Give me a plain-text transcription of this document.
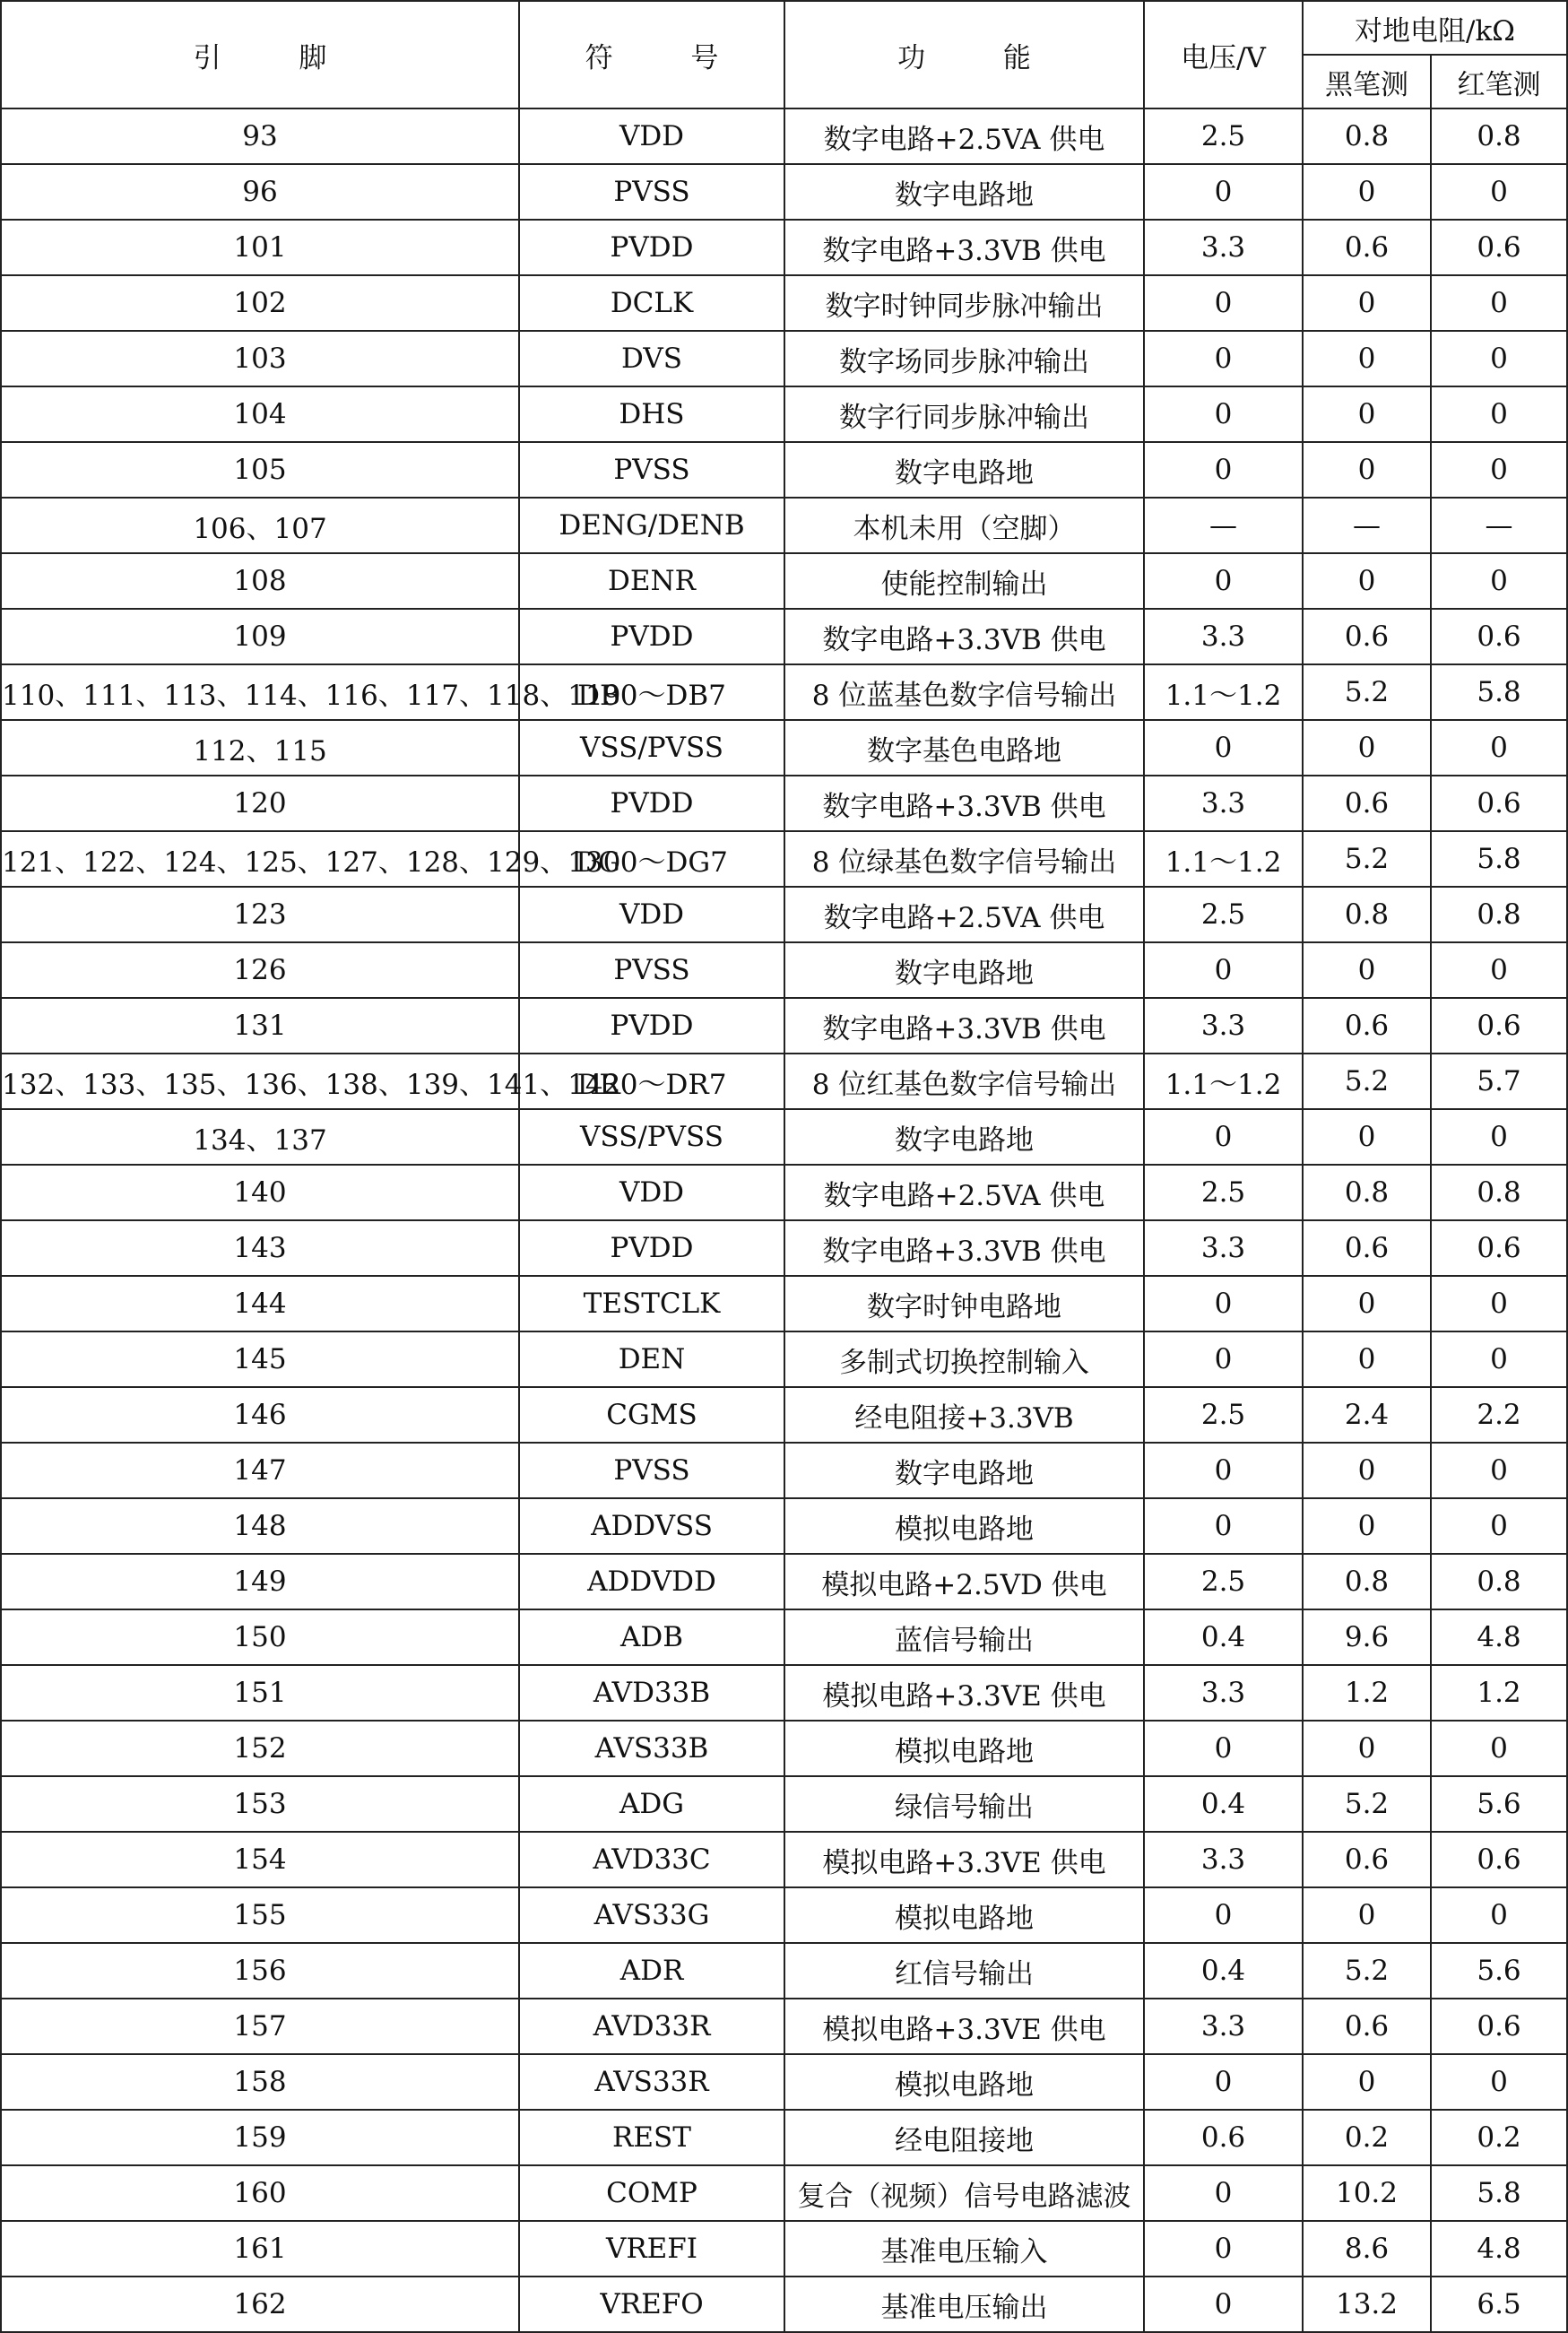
引　脚	符　号	功　能	电压/V	对地电阻/kΩ	
				黑笔测	红笔测
93	VDD	数字电路+2.5VA 供电	2.5	0.8	0.8
96	PVSS	数字电路地	0	0	0
101	PVDD	数字电路+3.3VB 供电	3.3	0.6	0.6
102	DCLK	数字时钟同步脉冲输出	0	0	0
103	DVS	数字场同步脉冲输出	0	0	0
104	DHS	数字行同步脉冲输出	0	0	0
105	PVSS	数字电路地	0	0	0
106、107	DENG/DENB	本机未用（空脚）	—	—	—
108	DENR	使能控制输出	0	0	0
109	PVDD	数字电路+3.3VB 供电	3.3	0.6	0.6
110、111、113、114、116、117、118、119	DB0～DB7	8 位蓝基色数字信号输出	1.1～1.2	5.2	5.8
112、115	VSS/PVSS	数字基色电路地	0	0	0
120	PVDD	数字电路+3.3VB 供电	3.3	0.6	0.6
121、122、124、125、127、128、129、130	DG0～DG7	8 位绿基色数字信号输出	1.1～1.2	5.2	5.8
123	VDD	数字电路+2.5VA 供电	2.5	0.8	0.8
126	PVSS	数字电路地	0	0	0
131	PVDD	数字电路+3.3VB 供电	3.3	0.6	0.6
132、133、135、136、138、139、141、142	DR0～DR7	8 位红基色数字信号输出	1.1～1.2	5.2	5.7
134、137	VSS/PVSS	数字电路地	0	0	0
140	VDD	数字电路+2.5VA 供电	2.5	0.8	0.8
143	PVDD	数字电路+3.3VB 供电	3.3	0.6	0.6
144	TESTCLK	数字时钟电路地	0	0	0
145	DEN	多制式切换控制输入	0	0	0
146	CGMS	经电阻接+3.3VB	2.5	2.4	2.2
147	PVSS	数字电路地	0	0	0
148	ADDVSS	模拟电路地	0	0	0
149	ADDVDD	模拟电路+2.5VD 供电	2.5	0.8	0.8
150	ADB	蓝信号输出	0.4	9.6	4.8
151	AVD33B	模拟电路+3.3VE 供电	3.3	1.2	1.2
152	AVS33B	模拟电路地	0	0	0
153	ADG	绿信号输出	0.4	5.2	5.6
154	AVD33C	模拟电路+3.3VE 供电	3.3	0.6	0.6
155	AVS33G	模拟电路地	0	0	0
156	ADR	红信号输出	0.4	5.2	5.6
157	AVD33R	模拟电路+3.3VE 供电	3.3	0.6	0.6
158	AVS33R	模拟电路地	0	0	0
159	REST	经电阻接地	0.6	0.2	0.2
160	COMP	复合（视频）信号电路滤波	0	10.2	5.8
161	VREFI	基准电压输入	0	8.6	4.8
162	VREFO	基准电压输出	0	13.2	6.5
